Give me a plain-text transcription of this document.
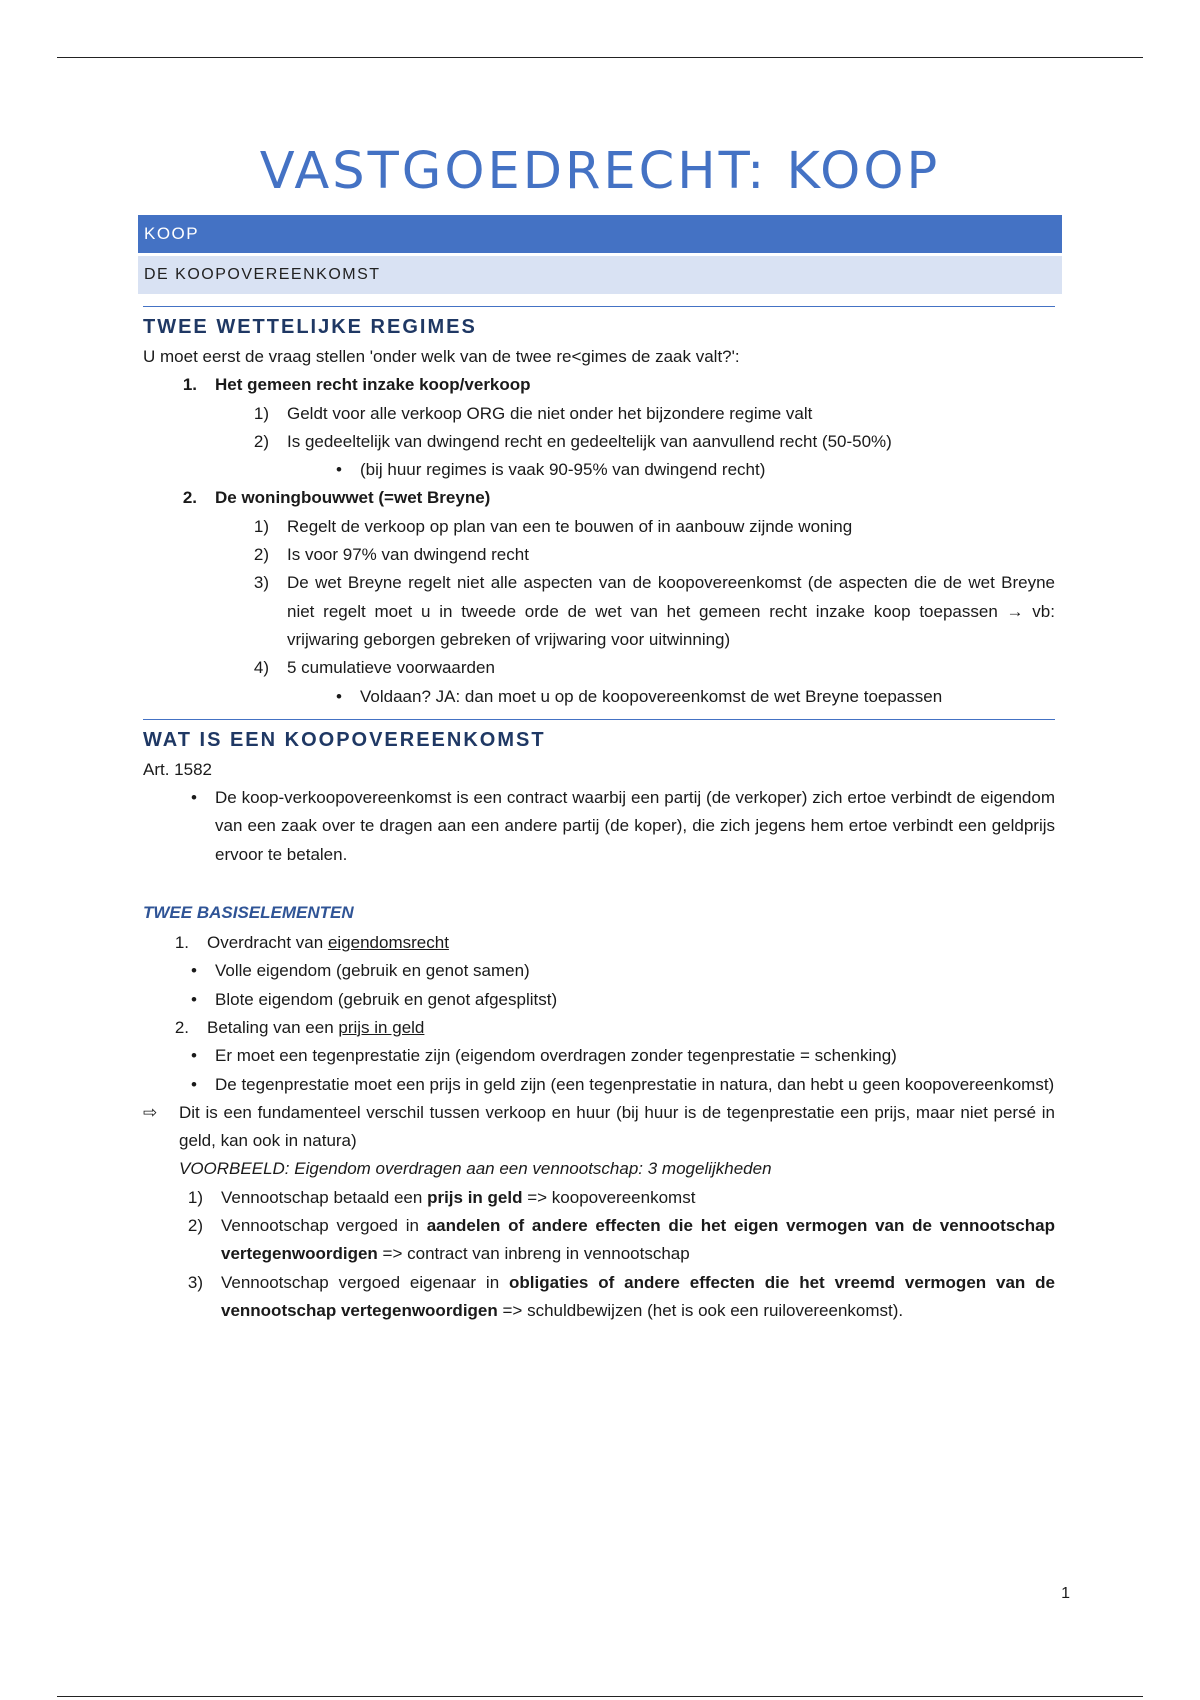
VASTGOEDRECHT: KOOP
KOOP
DE KOOPOVEREENKOMST
TWEE WETTELIJKE REGIMES

U moet eerst de vraag stellen 'onder welk van de twee re<gimes de zaak valt?':

1.	Het gemeen recht inzake koop/verkoop
1)	Geldt voor alle verkoop ORG die niet onder het bijzondere regime valt
2)	Is gedeeltelijk van dwingend recht en gedeeltelijk van aanvullend recht (50-50%)
•	(bij huur regimes is vaak 90-95% van dwingend recht)
2.	De woningbouwwet (=wet Breyne)
1)	Regelt de verkoop op plan van een te bouwen of in aanbouw zijnde woning
2)	Is voor 97% van dwingend recht
3)	De wet Breyne regelt niet alle aspecten van de koopovereenkomst (de aspecten die de wet Breyne niet regelt moet u in tweede orde de wet van het gemeen recht inzake koop toepassen → vb: vrijwaring geborgen gebreken of vrijwaring voor uitwinning)
4)	5 cumulatieve voorwaarden
•	Voldaan? JA: dan moet u op de koopovereenkomst de wet Breyne toepassen
WAT IS EEN KOOPOVEREENKOMST

Art. 1582

•	De koop-verkoopovereenkomst is een contract waarbij een partij (de verkoper) zich ertoe verbindt de eigendom van een zaak over te dragen aan een andere partij (de koper), die zich jegens hem ertoe verbindt een geldprijs ervoor te betalen.
TWEE BASISELEMENTEN
1.	Overdracht van eigendomsrecht
•	Volle eigendom (gebruik en genot samen)
•	Blote eigendom (gebruik en genot afgesplitst)
2.	Betaling van een prijs in geld
•	Er moet een tegenprestatie zijn (eigendom overdragen zonder tegenprestatie = schenking)
•	De tegenprestatie moet een prijs in geld zijn (een tegenprestatie in natura, dan hebt u geen koopovereenkomst)
⇨	Dit is een fundamenteel verschil tussen verkoop en huur (bij huur is de tegenprestatie een prijs, maar niet persé in geld, kan ook in natura)
VOORBEELD: Eigendom overdragen aan een vennootschap: 3 mogelijkheden
1)	Vennootschap betaald een prijs in geld => koopovereenkomst
2)	Vennootschap vergoed in aandelen of andere effecten die het eigen vermogen van de vennootschap vertegenwoordigen => contract van inbreng in vennootschap
3)	Vennootschap vergoed eigenaar in obligaties of andere effecten die het vreemd vermogen van de vennootschap vertegenwoordigen => schuldbewijzen (het is ook een ruilovereenkomst).
1
